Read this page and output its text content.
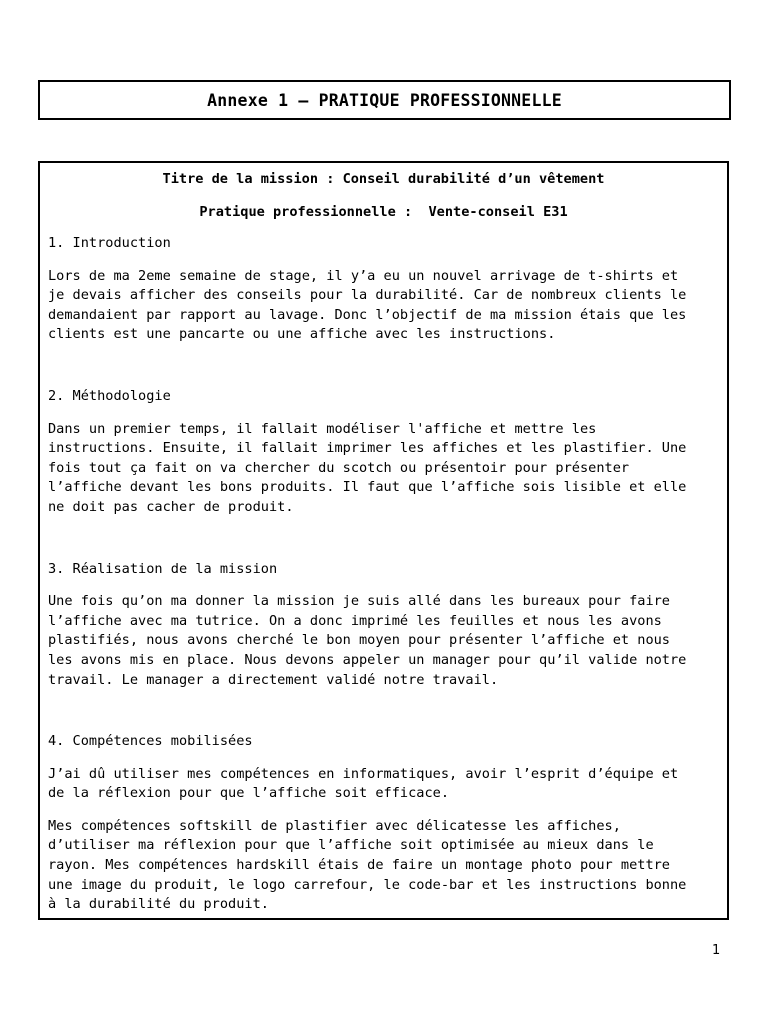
Annexe 1 – PRATIQUE PROFESSIONNELLE

Titre de la mission : Conseil durabilité d’un vêtement

Pratique professionnelle :  Vente-conseil E31

1. Introduction

Lors de ma 2eme semaine de stage, il y’a eu un nouvel arrivage de t-shirts et
je devais afficher des conseils pour la durabilité. Car de nombreux clients le
demandaient par rapport au lavage. Donc l’objectif de ma mission étais que les
clients est une pancarte ou une affiche avec les instructions.

2. Méthodologie

Dans un premier temps, il fallait modéliser l'affiche et mettre les
instructions. Ensuite, il fallait imprimer les affiches et les plastifier. Une
fois tout ça fait on va chercher du scotch ou présentoir pour présenter
l’affiche devant les bons produits. Il faut que l’affiche sois lisible et elle
ne doit pas cacher de produit.

3. Réalisation de la mission

Une fois qu’on ma donner la mission je suis allé dans les bureaux pour faire
l’affiche avec ma tutrice. On a donc imprimé les feuilles et nous les avons
plastifiés, nous avons cherché le bon moyen pour présenter l’affiche et nous
les avons mis en place. Nous devons appeler un manager pour qu’il valide notre
travail. Le manager a directement validé notre travail.

4. Compétences mobilisées

J’ai dû utiliser mes compétences en informatiques, avoir l’esprit d’équipe et
de la réflexion pour que l’affiche soit efficace.

Mes compétences softskill de plastifier avec délicatesse les affiches,
d’utiliser ma réflexion pour que l’affiche soit optimisée au mieux dans le
rayon. Mes compétences hardskill étais de faire un montage photo pour mettre
une image du produit, le logo carrefour, le code-bar et les instructions bonne
à la durabilité du produit.

1
